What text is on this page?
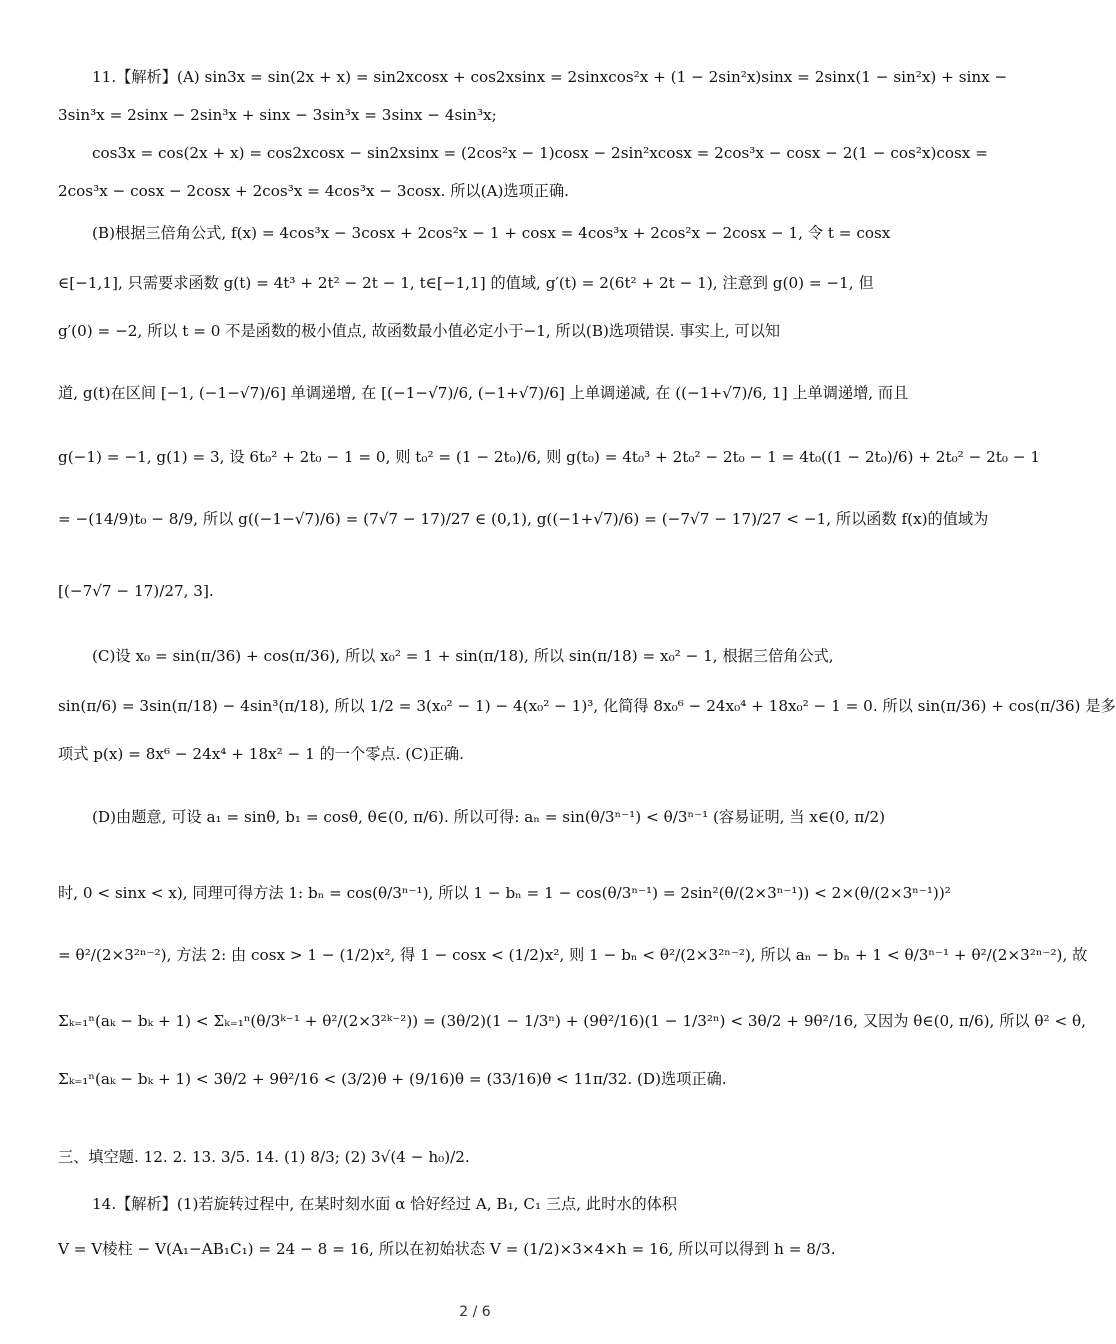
11.【解析】(A) sin3x = sin(2x + x) = sin2xcosx + cos2xsinx = 2sinxcos²x + (1 − 2sin²x)sinx = 2sinx(1 − sin²x) + sinx −
3sin³x = 2sinx − 2sin³x + sinx − 3sin³x = 3sinx − 4sin³x;
cos3x = cos(2x + x) = cos2xcosx − sin2xsinx = (2cos²x − 1)cosx − 2sin²xcosx = 2cos³x − cosx − 2(1 − cos²x)cosx =
2cos³x − cosx − 2cosx + 2cos³x = 4cos³x − 3cosx. 所以(A)选项正确.
(B)根据三倍角公式, f(x) = 4cos³x − 3cosx + 2cos²x − 1 + cosx = 4cos³x + 2cos²x − 2cosx − 1, 令 t = cosx
∈[−1,1], 只需要求函数 g(t) = 4t³ + 2t² − 2t − 1, t∈[−1,1] 的值域, g′(t) = 2(6t² + 2t − 1), 注意到 g(0) = −1, 但
g′(0) = −2, 所以 t = 0 不是函数的极小值点, 故函数最小值必定小于−1, 所以(B)选项错误. 事实上, 可以知
道, g(t)在区间 [−1, (−1−√7)/6] 单调递增, 在 [(−1−√7)/6, (−1+√7)/6] 上单调递减, 在 ((−1+√7)/6, 1] 上单调递增, 而且
g(−1) = −1, g(1) = 3, 设 6t₀² + 2t₀ − 1 = 0, 则 t₀² = (1 − 2t₀)/6, 则 g(t₀) = 4t₀³ + 2t₀² − 2t₀ − 1 = 4t₀((1 − 2t₀)/6) + 2t₀² − 2t₀ − 1
= −(14/9)t₀ − 8/9, 所以 g((−1−√7)/6) = (7√7 − 17)/27 ∈ (0,1), g((−1+√7)/6) = (−7√7 − 17)/27 < −1, 所以函数 f(x)的值域为
[(−7√7 − 17)/27, 3].
(C)设 x₀ = sin(π/36) + cos(π/36), 所以 x₀² = 1 + sin(π/18), 所以 sin(π/18) = x₀² − 1, 根据三倍角公式,
sin(π/6) = 3sin(π/18) − 4sin³(π/18), 所以 1/2 = 3(x₀² − 1) − 4(x₀² − 1)³, 化简得 8x₀⁶ − 24x₀⁴ + 18x₀² − 1 = 0. 所以 sin(π/36) + cos(π/36) 是多
项式 p(x) = 8x⁶ − 24x⁴ + 18x² − 1 的一个零点. (C)正确.
(D)由题意, 可设 a₁ = sinθ, b₁ = cosθ, θ∈(0, π/6). 所以可得: aₙ = sin(θ/3ⁿ⁻¹) < θ/3ⁿ⁻¹ (容易证明, 当 x∈(0, π/2)
时, 0 < sinx < x), 同理可得方法 1: bₙ = cos(θ/3ⁿ⁻¹), 所以 1 − bₙ = 1 − cos(θ/3ⁿ⁻¹) = 2sin²(θ/(2×3ⁿ⁻¹)) < 2×(θ/(2×3ⁿ⁻¹))²
= θ²/(2×3²ⁿ⁻²), 方法 2: 由 cosx > 1 − (1/2)x², 得 1 − cosx < (1/2)x², 则 1 − bₙ < θ²/(2×3²ⁿ⁻²), 所以 aₙ − bₙ + 1 < θ/3ⁿ⁻¹ + θ²/(2×3²ⁿ⁻²), 故
Σₖ₌₁ⁿ(aₖ − bₖ + 1) < Σₖ₌₁ⁿ(θ/3ᵏ⁻¹ + θ²/(2×3²ᵏ⁻²)) = (3θ/2)(1 − 1/3ⁿ) + (9θ²/16)(1 − 1/3²ⁿ) < 3θ/2 + 9θ²/16, 又因为 θ∈(0, π/6), 所以 θ² < θ,
Σₖ₌₁ⁿ(aₖ − bₖ + 1) < 3θ/2 + 9θ²/16 < (3/2)θ + (9/16)θ = (33/16)θ < 11π/32. (D)选项正确.
三、填空题. 12. 2. 13. 3/5. 14. (1) 8/3; (2) 3√(4 − h₀)/2.
14.【解析】(1)若旋转过程中, 在某时刻水面 α 恰好经过 A, B₁, C₁ 三点, 此时水的体积
V = V棱柱 − V(A₁−AB₁C₁) = 24 − 8 = 16, 所以在初始状态 V = (1/2)×3×4×h = 16, 所以可以得到 h = 8/3.
2 / 6
